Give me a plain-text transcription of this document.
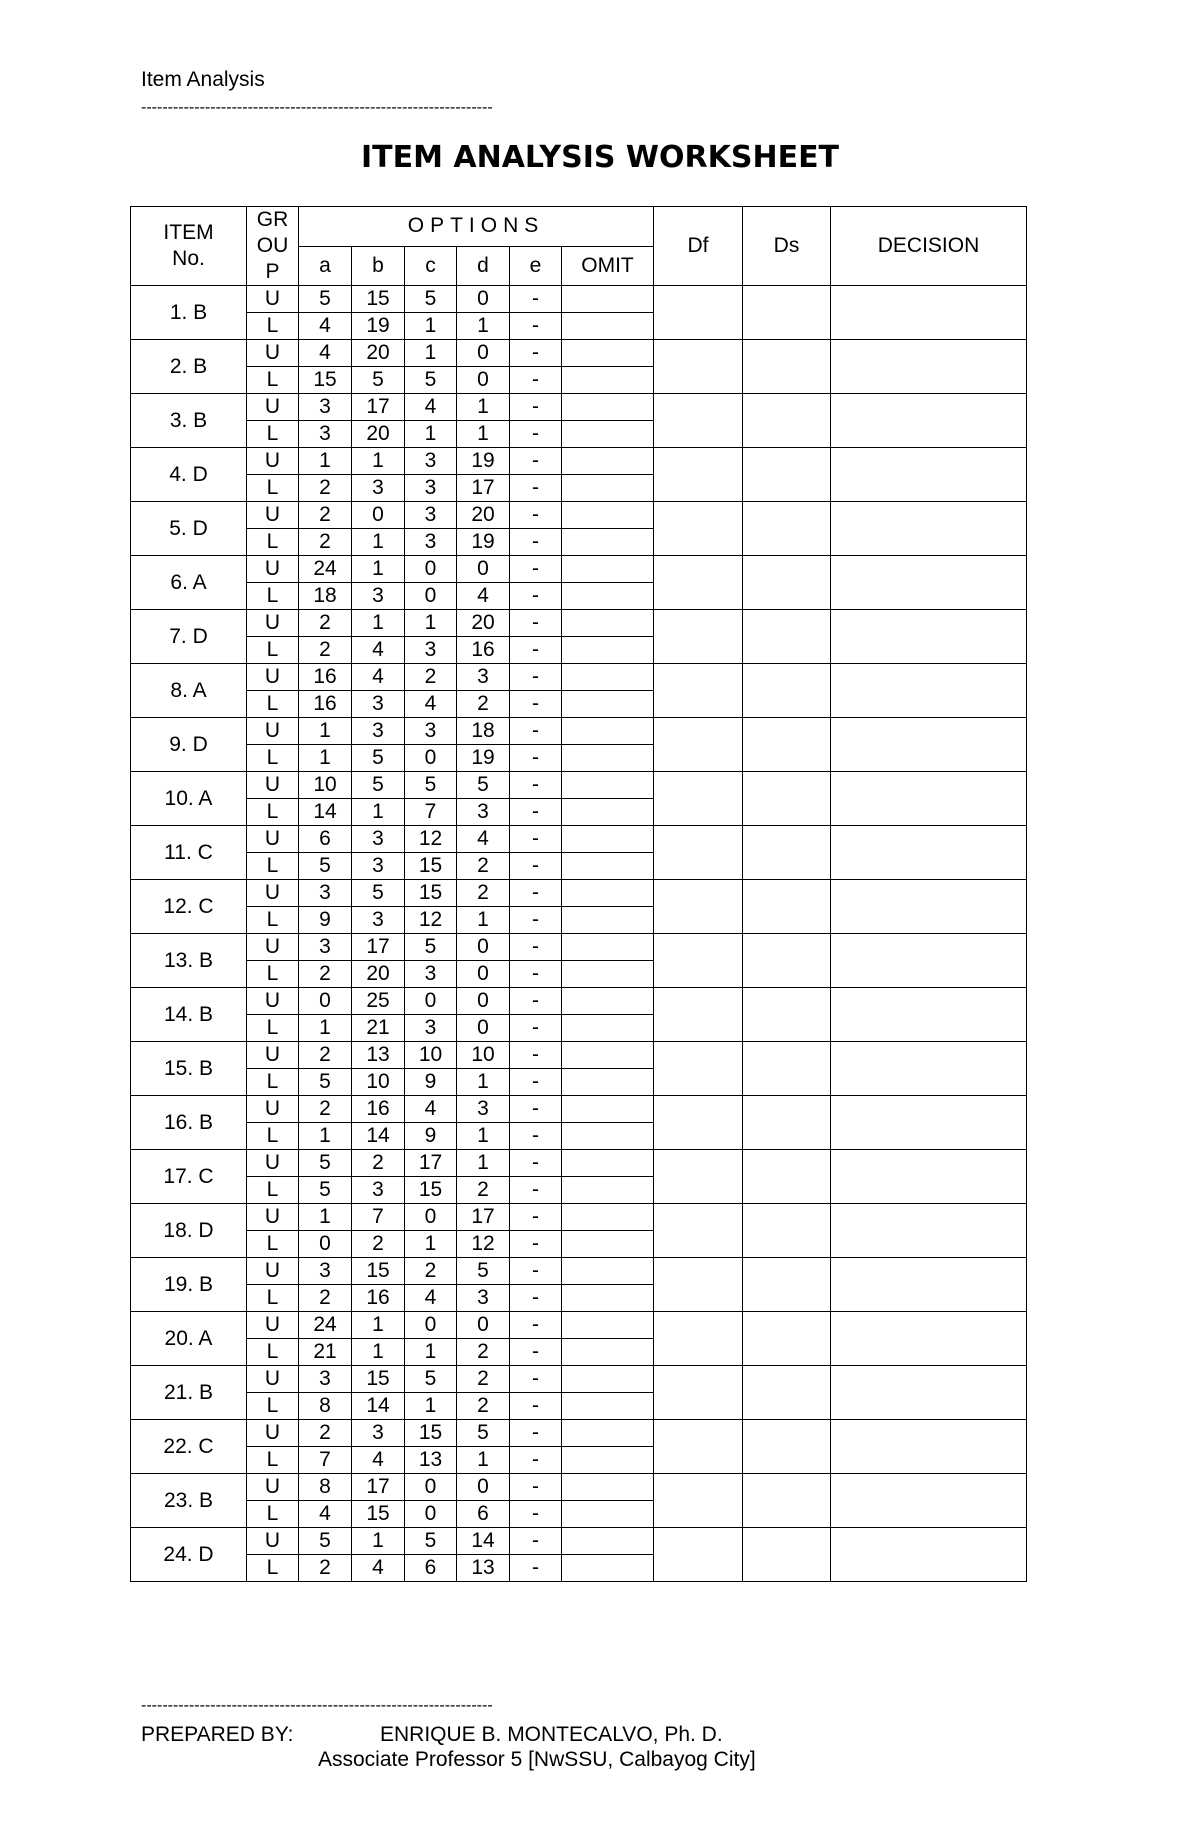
Item Analysis
------------------------------------------------------------------
ITEM ANALYSIS WORKSHEET
ITEM
No.	GR
OU
P	OPTIONS						Df	Ds	DECISION
		a	b	c	d	e	OMIT			
1. B	U	5	15	5	0	-				
	L	4	19	1	1	-				
2. B	U	4	20	1	0	-				
	L	15	5	5	0	-				
3. B	U	3	17	4	1	-				
	L	3	20	1	1	-				
4. D	U	1	1	3	19	-				
	L	2	3	3	17	-				
5. D	U	2	0	3	20	-				
	L	2	1	3	19	-				
6. A	U	24	1	0	0	-				
	L	18	3	0	4	-				
7. D	U	2	1	1	20	-				
	L	2	4	3	16	-				
8. A	U	16	4	2	3	-				
	L	16	3	4	2	-				
9. D	U	1	3	3	18	-				
	L	1	5	0	19	-				
10. A	U	10	5	5	5	-				
	L	14	1	7	3	-				
11. C	U	6	3	12	4	-				
	L	5	3	15	2	-				
12. C	U	3	5	15	2	-				
	L	9	3	12	1	-				
13. B	U	3	17	5	0	-				
	L	2	20	3	0	-				
14. B	U	0	25	0	0	-				
	L	1	21	3	0	-				
15. B	U	2	13	10	10	-				
	L	5	10	9	1	-				
16. B	U	2	16	4	3	-				
	L	1	14	9	1	-				
17. C	U	5	2	17	1	-				
	L	5	3	15	2	-				
18. D	U	1	7	0	17	-				
	L	0	2	1	12	-				
19. B	U	3	15	2	5	-				
	L	2	16	4	3	-				
20. A	U	24	1	0	0	-				
	L	21	1	1	2	-				
21. B	U	3	15	5	2	-				
	L	8	14	1	2	-				
22. C	U	2	3	15	5	-				
	L	7	4	13	1	-				
23. B	U	8	17	0	0	-				
	L	4	15	0	6	-				
24. D	U	5	1	5	14	-				
	L	2	4	6	13	-				
------------------------------------------------------------------
PREPARED BY:	ENRIQUE B. MONTECALVO, Ph. D.
Associate Professor 5 [NwSSU, Calbayog City]
